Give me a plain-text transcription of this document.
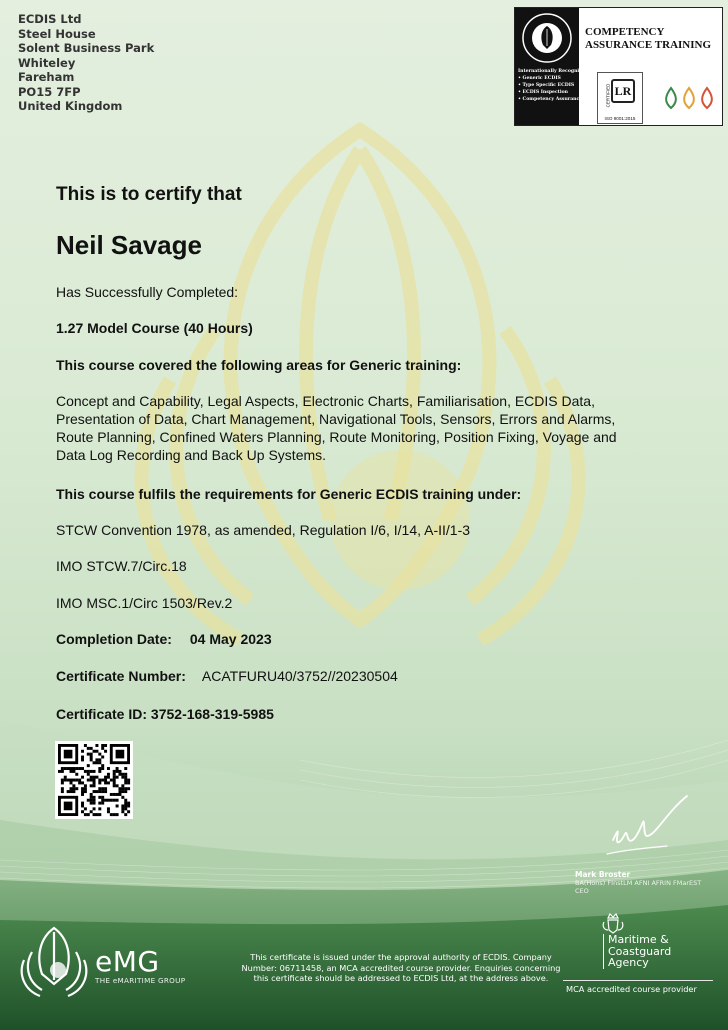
ECDIS Ltd
Steel House
Solent Business Park
Whiteley
Fareham
PO15 7FP
United Kingdom
Internationally Recognised Trainers:
• Generic ECDIS
• Type Specific ECDIS
• ECDIS Inspection
• Competency Assurance
COMPETENCY
ASSURANCE TRAINING
LR
CERTIFIED
ISO 9001:2015
This is to certify that
Neil Savage
Has Successfully Completed:
1.27 Model Course (40 Hours)
This course covered the following areas for Generic training:
Concept and Capability, Legal Aspects, Electronic Charts, Familiarisation, ECDIS Data,
Presentation of Data, Chart Management, Navigational Tools, Sensors, Errors and Alarms,
Route Planning, Confined Waters Planning, Route Monitoring, Position Fixing, Voyage and
Data Log Recording and Back Up Systems.
This course fulfils the requirements for Generic ECDIS training under:
STCW Convention 1978, as amended, Regulation I/6, I/14, A-II/1-3
IMO STCW.7/Circ.18
IMO MSC.1/Circ 1503/Rev.2
Completion Date: 04 May 2023
Certificate Number: ACATFURU40/3752//20230504
Certificate ID: 3752-168-319-5985
Mark Broster
BA(Hons) FInstLM AFNI AFRIN FMarEST
CEO
eMG
THE eMARITIME GROUP
This certificate is issued under the approval authority of ECDIS. Company Number: 06711458, an MCA accredited course provider. Enquiries concerning this certificate should be addressed to ECDIS Ltd, at the address above.
Maritime &
Coastguard
Agency
MCA accredited course provider
